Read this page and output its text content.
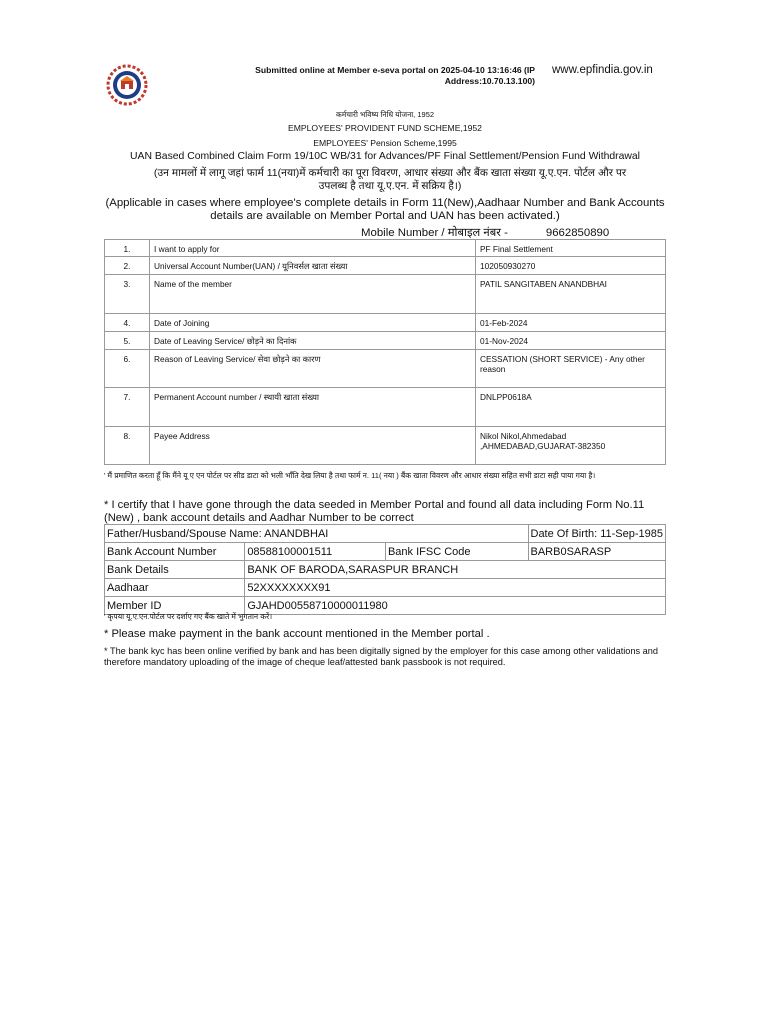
Submitted online at Member e-seva portal on 2025-04-10 13:16:46 (IP Address:10.70.13.100)
www.epfindia.gov.in
कर्मचारी भविष्य निधि योजना, 1952
EMPLOYEES' PROVIDENT FUND SCHEME,1952
EMPLOYEES' Pension Scheme,1995
UAN Based Combined Claim Form 19/10C WB/31 for Advances/PF Final Settlement/Pension Fund Withdrawal
(उन मामलों में लागू जहां फार्म 11(नया)में कर्मचारी का पूरा विवरण, आधार संख्या और बैंक खाता संख्या यू.ए.एन. पोर्टल और पर उपलब्ध है तथा यू.ए.एन. में सक्रिय है।)
(Applicable in cases where employee's complete details in Form 11(New),Aadhaar Number and Bank Accounts details are available on Member Portal and UAN has been activated.)
Mobile Number / मोबाइल नंबर -	9662850890
1.	I want to apply for	PF Final Settlement
2.	Universal Account Number(UAN) / यूनिवर्सल खाता संख्या	102050930270
3.	Name of the member	PATIL SANGITABEN ANANDBHAI
4.	Date of Joining	01-Feb-2024
5.	Date of Leaving Service/ छोड़ने का दिनांक	01-Nov-2024
6.	Reason of Leaving Service/ सेवा छोड़ने का कारण	CESSATION (SHORT SERVICE) - Any other reason
7.	Permanent Account number / स्थायी खाता संख्या	DNLPP0618A
8.	Payee Address	Nikol Nikol,Ahmedabad ,AHMEDABAD,GUJARAT-382350
' मैं प्रमाणित करता हूँ कि मैंने यू ए एन पोर्टल पर सीड डाटा को भली भाँति देख लिया है तथा फार्म न. 11( नया ) बैंक खाता विवरण और आधार संख्या सहित सभी डाटा सही पाया गया है।
* I certify that I have gone through the data seeded in Member Portal and found all data including Form No.11 (New) , bank account details and Aadhar Number to be correct
Father/Husband/Spouse Name: ANANDBHAI			Date Of Birth: 11-Sep-1985
Bank Account Number	08588100001511	Bank IFSC Code	BARB0SARASP
Bank Details	BANK OF BARODA,SARASPUR BRANCH		
Aadhaar	52XXXXXXXX91		
Member ID	GJAHD00558710000011980		
' कृपया यू.ए.एन.पोर्टल पर दर्शाए गए बैंक खाते में भुगतान करें।
* Please make payment in the bank account mentioned in the Member portal .
* The bank kyc has been online verified by bank and has been digitally signed by the employer for this case among other validations and therefore mandatory uploading of the image of cheque leaf/attested bank passbook is not required.
